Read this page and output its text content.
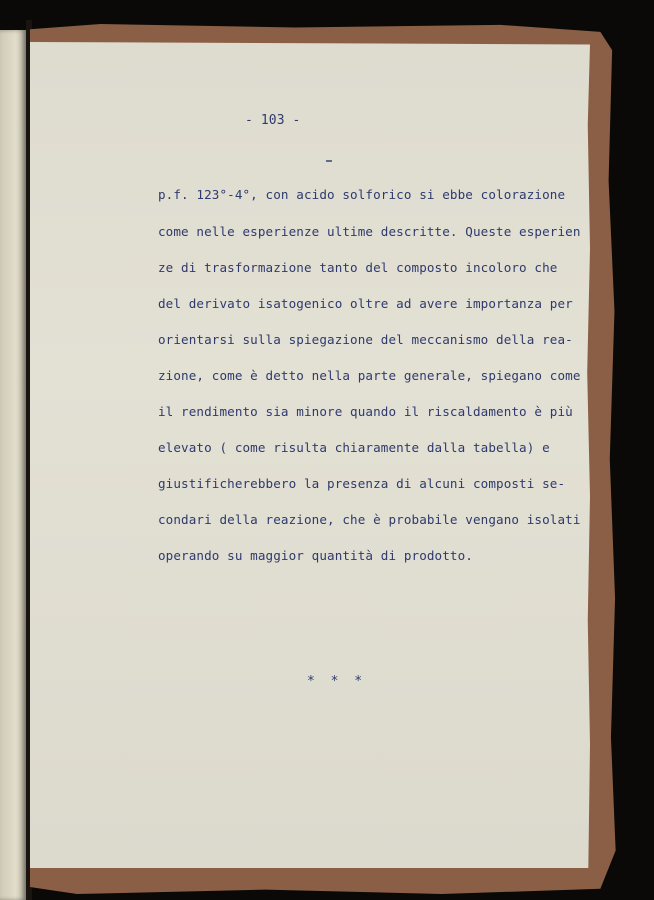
- 103 -
p.f. 123°-4°, con acido solforico si ebbe colorazione
come nelle esperienze ultime descritte. Queste esperien
ze di trasformazione tanto del composto incoloro che
del derivato isatogenico oltre ad avere importanza per
orientarsi sulla spiegazione del meccanismo della rea-
zione, come è detto nella parte generale, spiegano come
il rendimento sia minore quando il riscaldamento è più
elevato ( come risulta chiaramente dalla tabella) e
giustificherebbero la presenza di alcuni composti se-
condari della reazione, che è probabile vengano isolati
operando su maggior quantità di prodotto.
* * *
